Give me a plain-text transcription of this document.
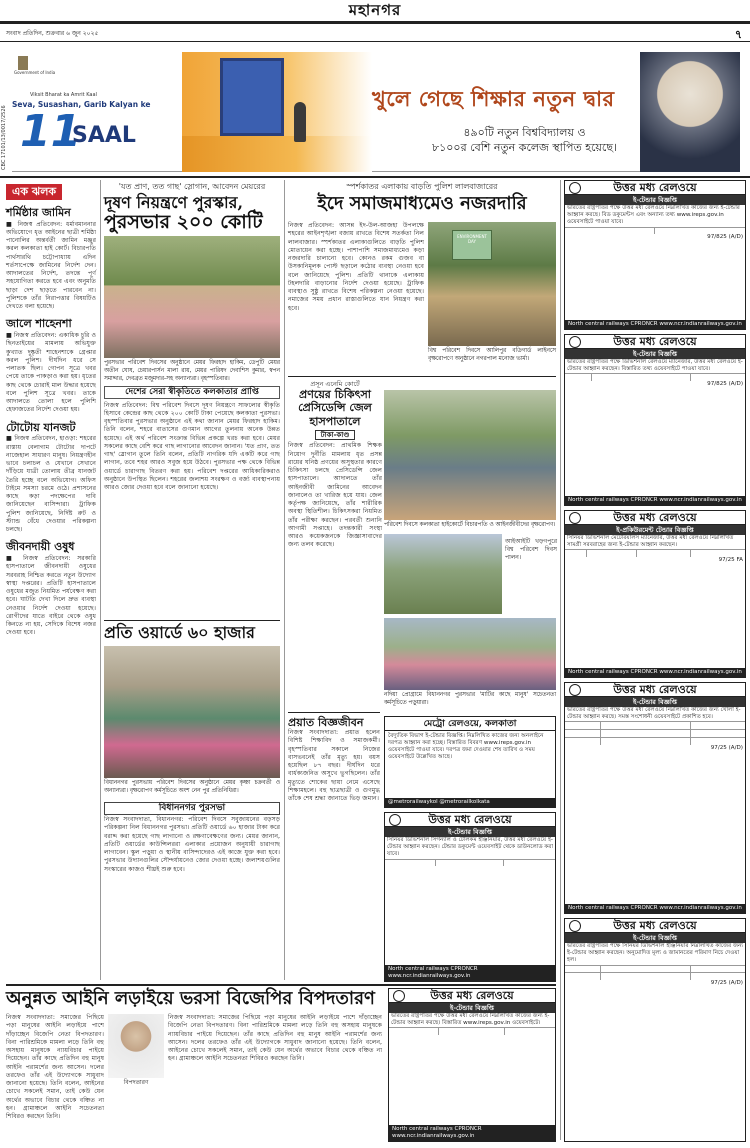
মহানগর
সংবাদ প্রতিদিন, শুক্রবার ৬ জুন ২০২৫	৭
CBC 17101/13/0017/2526
Government of India
Viksit Bharat ka Amrit Kaal
Seva, Susashan, Garib Kalyan ke
11
SAAL
খুলে গেছে শিক্ষার নতুন দ্বার
৪৯০টি নতুন বিশ্ববিদ্যালয় ও
৮১০০র বেশি নতুন কলেজ স্থাপিত হয়েছে।
এক ঝলক
শর্মিষ্ঠার জামিন
■ নিজস্ব প্রতিবেদন: ধর্মাবমাননার অভিযোগে ধৃত আইনের ছাত্রী শর্মিষ্ঠা পানোলির অন্তর্বর্তী জামিন মঞ্জুর করল কলকাতা হাই কোর্ট। বিচারপতি পার্থসারথি চট্টোপাধ্যায় এদিন শর্তসাপেক্ষে জামিনের নির্দেশ দেন। আদালতের নির্দেশ, তদন্তে পূর্ণ সহযোগিতা করতে হবে এবং অনুমতি ছাড়া দেশ ছাড়তে পারবেন না। পুলিশকে তাঁর নিরাপত্তার বিষয়টিও দেখতে বলা হয়েছে।
জালে শাহেনশা
■ নিজস্ব প্রতিবেদন: একাধিক চুরি ও ছিনতাইয়ের মামলায় অভিযুক্ত কুখ্যাত দুষ্কৃতী শাহেনশাকে গ্রেপ্তার করল পুলিশ। দীর্ঘদিন ধরে সে পলাতক ছিল। গোপন সূত্রে খবর পেয়ে তাকে পাকড়াও করা হয়। ধৃতের কাছ থেকে চোরাই মাল উদ্ধার হয়েছে বলে পুলিশ সূত্রে খবর। তাকে আদালতে তোলা হলে পুলিশি হেফাজতের নির্দেশ দেওয়া হয়।
টোটোয় যানজট
■ নিজস্ব প্রতিবেদন, হাওড়া: শহরের রাস্তায় বেলাগাম টোটোর দাপটে নাজেহাল সাধারণ মানুষ। নিয়ন্ত্রণহীন ভাবে চলাচল ও যেখানে সেখানে দাঁড়িয়ে যাত্রী তোলায় তীব্র যানজট তৈরি হচ্ছে বলে অভিযোগ। অফিস টাইমে সমস্যা চরমে ওঠে। প্রশাসনের কাছে কড়া পদক্ষেপের দাবি জানিয়েছেন বাসিন্দারা। ট্রাফিক পুলিশ জানিয়েছে, নির্দিষ্ট রুট ও স্ট্যান্ড বেঁধে দেওয়ার পরিকল্পনা চলছে।
জীবনদায়ী ওষুধ
■ নিজস্ব প্রতিবেদন: সরকারি হাসপাতালে জীবনদায়ী ওষুধের সরবরাহ নিশ্চিত করতে নতুন উদ্যোগ স্বাস্থ্য দপ্তরের। প্রতিটি হাসপাতালে ওষুধের মজুত নিয়মিত পর্যবেক্ষণ করা হবে। ঘাটতি দেখা দিলে দ্রুত ব্যবস্থা নেওয়ার নির্দেশ দেওয়া হয়েছে। রোগীদের যাতে বাইরে থেকে ওষুধ কিনতে না হয়, সেদিকে বিশেষ নজর দেওয়া হবে।
'যত প্রাণ, তত গাছ' স্লোগান, আবেদন মেয়রের
দূষণ নিয়ন্ত্রণে পুরস্কার,
পুরসভার ২০০ কোটি
পুরসভার পরিবেশ দিবসের অনুষ্ঠানে মেয়র ফিরহাদ হাকিম, ডেপুটি মেয়র অতীন ঘোষ, চেয়ারপার্সন মালা রায়, মেয়র পারিষদ দেবাশিস কুমার, স্বপন সমাদ্দার, দেবব্রত মজুমদার-সহ অন্যান্যরা। বৃহস্পতিবার।
দেশের সেরা স্বীকৃতিতে কলকাতার প্রাপ্তি
নিজস্ব প্রতিবেদন: বিশ্ব পরিবেশ দিবসে দূষণ নিয়ন্ত্রণে সাফল্যের স্বীকৃতি হিসাবে কেন্দ্রের কাছ থেকে ২০০ কোটি টাকা পেয়েছে কলকাতা পুরসভা। বৃহস্পতিবার পুরসভার অনুষ্ঠানে এই কথা জানান মেয়র ফিরহাদ হাকিম। তিনি বলেন, শহরে বাতাসের গুণমান আগের তুলনায় অনেক উন্নত হয়েছে। এই অর্থ পরিবেশ সংক্রান্ত বিভিন্ন প্রকল্পে খরচ করা হবে। মেয়র সকলের কাছে বেশি করে গাছ লাগানোর আবেদন জানান। 'যত প্রাণ, তত গাছ' স্লোগান তুলে তিনি বলেন, প্রতিটি নাগরিক যদি একটি করে গাছ লাগান, তবে শহর আরও সবুজ হয়ে উঠবে। পুরসভার পক্ষ থেকে বিভিন্ন ওয়ার্ডে চারাগাছ বিতরণ করা হয়। পরিবেশ দপ্তরের আধিকারিকরাও অনুষ্ঠানে উপস্থিত ছিলেন। শহরের জলাশয় সংরক্ষণ ও বর্জ্য ব্যবস্থাপনায় আরও জোর দেওয়া হবে বলে জানানো হয়েছে।
প্রতি ওয়ার্ডে ৬০ হাজার
বিধাননগর পুরসভায় পরিবেশ দিবসের অনুষ্ঠানে মেয়র কৃষ্ণা চক্রবর্তী ও অন্যান্যরা। বৃক্ষরোপণ কর্মসূচিতে অংশ নেন পুর প্রতিনিধিরা।
স্পর্শকাতর এলাকায় বাড়তি পুলিশ লালবাজারের
ইদে সমাজমাধ্যমেও নজরদারি
নিজস্ব প্রতিবেদন: আসন্ন ইদ-উল-আজহা উপলক্ষে শহরের আইনশৃঙ্খলা বজায় রাখতে বিশেষ সতর্কতা নিল লালবাজার। স্পর্শকাতর এলাকাগুলিতে বাড়তি পুলিশ মোতায়েন করা হচ্ছে। পাশাপাশি সমাজমাধ্যমেও কড়া নজরদারি চালানো হবে। কোনও রকম গুজব বা উসকানিমূলক পোস্ট ছড়ালে কঠোর ব্যবস্থা নেওয়া হবে বলে জানিয়েছে পুলিশ। প্রতিটি থানাকে এলাকায় টহলদারি বাড়ানোর নির্দেশ দেওয়া হয়েছে। ট্রাফিক ব্যবস্থাও সুষ্ঠু রাখতে বিশেষ পরিকল্পনা নেওয়া হয়েছে। নমাজের সময় প্রধান রাস্তাগুলিতে যান নিয়ন্ত্রণ করা হবে।
ENVIRONMENT DAY
বিশ্ব পরিবেশ দিবসে আলিপুর বডিগার্ড লাইনসে বৃক্ষরোপণে অনুষ্ঠানে নগরপাল মনোজ ভার্মা।
প্রসূন এনেমি কোর্টে
প্রণয়ের চিকিৎসা
প্রেসিডেন্সি জেল
হাসপাতালে
টাকা-কাণ্ড
নিজস্ব প্রতিবেদন: প্রাথমিক শিক্ষক নিয়োগ দুর্নীতি মামলায় ধৃত প্রসন্ন রায়ের ঘনিষ্ঠ প্রণয়ের অসুস্থতার কারণে চিকিৎসা চলছে প্রেসিডেন্সি জেল হাসপাতালে। আদালতে তাঁর আইনজীবী জামিনের আবেদন জানালেও তা খারিজ হয়ে যায়। জেল কর্তৃপক্ষ জানিয়েছে, তাঁর শারীরিক অবস্থা স্থিতিশীল। চিকিৎসকরা নিয়মিত তাঁর পরীক্ষা করছেন। পরবর্তী শুনানি আগামী সপ্তাহে। তদন্তকারী সংস্থা আরও কয়েকজনকে জিজ্ঞাসাবাদের জন্য তলব করেছে।
পরিবেশ দিবসে কলকাতা হাইকোর্টে বিচারপতি ও আইনজীবীদের বৃক্ষরোপণ।
আইআইটি খড়গপুরে বিশ্ব পরিবেশ দিবস পালন।
নদিয়া প্রোগ্রামে বিধাননগর পুরসভার 'মাটির কাছে মানুষ' সচেতনতা কর্মসূচিতে পড়ুয়ারা।
প্রয়াত বিজ্ঞজীবন
নিজস্ব সংবাদদাতা: প্রয়াত হলেন বিশিষ্ট শিক্ষাবিদ ও সমাজকর্মী। বৃহস্পতিবার সকালে নিজের বাসভবনেই তাঁর মৃত্যু হয়। বয়স হয়েছিল ৮৭ বছর। দীর্ঘদিন ধরে বার্ধক্যজনিত অসুখে ভুগছিলেন। তাঁর মৃত্যুতে শোকের ছায়া নেমে এসেছে শিক্ষামহলে। বহু ছাত্রছাত্রী ও গুণমুগ্ধ তাঁকে শেষ শ্রদ্ধা জানাতে ভিড় জমান।
বিধাননগর পুরসভা
নিজস্ব সংবাদদাতা, বিধাননগর: পরিবেশ দিবসে সবুজায়নের বড়সড় পরিকল্পনা নিল বিধাননগর পুরসভা। প্রতিটি ওয়ার্ডে ৬০ হাজার টাকা করে বরাদ্দ করা হয়েছে গাছ লাগানো ও রক্ষণাবেক্ষণের জন্য। মেয়র জানান, প্রতিটি ওয়ার্ডের কাউন্সিলররা এলাকার প্রয়োজন অনুযায়ী চারাগাছ লাগাবেন। স্কুল পড়ুয়া ও স্থানীয় বাসিন্দাদেরও এই কাজে যুক্ত করা হবে। পুরসভার উদ্যানগুলির সৌন্দর্যায়নেও জোর দেওয়া হচ্ছে। জলাশয়গুলির সংস্কারের কাজও শীঘ্রই শুরু হবে।
মেট্রো রেলওয়ে, কলকাতা
বৈদ্যুতিক বিভাগ ই-টেন্ডার বিজ্ঞপ্তি। নিম্নলিখিত কাজের জন্য অনলাইনে দরপত্র আহ্বান করা হচ্ছে। বিস্তারিত বিবরণ www.ireps.gov.in ওয়েবসাইটে পাওয়া যাবে। দরপত্র জমা দেওয়ার শেষ তারিখ ও সময় ওয়েবসাইটে উল্লেখিত আছে।
@metrorailwaykol @metrorailkolkata
উত্তর মধ্য রেলওয়ে
ই-টেন্ডার বিজ্ঞপ্তি
সিনিয়র ডিভিশনাল সিগন্যাল ও টেলিকম ইঞ্জিনিয়ার, উত্তর মধ্য রেলওয়ে ই-টেন্ডার আহ্বান করছেন। টেন্ডার ডকুমেন্ট ওয়েবসাইট থেকে ডাউনলোড করা যাবে।

North central railways CPRONCR www.ncr.indianrailways.gov.in
অনুন্নত আইনি লড়াইয়ে ভরসা বিজেপির বিপদতারণ
নিজস্ব সংবাদদাতা: সমাজের পিছিয়ে পড়া মানুষের আইনি লড়াইয়ে পাশে দাঁড়াচ্ছেন বিজেপি নেতা বিপদতারণ। বিনা পারিশ্রমিকে মামলা লড়ে তিনি বহু অসহায় মানুষকে ন্যায়বিচার পাইয়ে দিয়েছেন। তাঁর কাছে প্রতিদিন বহু মানুষ আইনি পরামর্শের জন্য আসেন। দলের তরফেও তাঁর এই উদ্যোগকে সাধুবাদ জানানো হয়েছে। তিনি বলেন, আইনের চোখে সকলেই সমান, তাই কেউ যেন অর্থের অভাবে বিচার থেকে বঞ্চিত না হন। গ্রামাঞ্চলে আইনি সচেতনতা শিবিরও করছেন তিনি।
বিপদতারণ
নিজস্ব সংবাদদাতা: সমাজের পিছিয়ে পড়া মানুষের আইনি লড়াইয়ে পাশে দাঁড়াচ্ছেন বিজেপি নেতা বিপদতারণ। বিনা পারিশ্রমিকে মামলা লড়ে তিনি বহু অসহায় মানুষকে ন্যায়বিচার পাইয়ে দিয়েছেন। তাঁর কাছে প্রতিদিন বহু মানুষ আইনি পরামর্শের জন্য আসেন। দলের তরফেও তাঁর এই উদ্যোগকে সাধুবাদ জানানো হয়েছে। তিনি বলেন, আইনের চোখে সকলেই সমান, তাই কেউ যেন অর্থের অভাবে বিচার থেকে বঞ্চিত না হন। গ্রামাঞ্চলে আইনি সচেতনতা শিবিরও করছেন তিনি।
উত্তর মধ্য রেলওয়ে
ই-টেন্ডার বিজ্ঞপ্তি
ভারতের রাষ্ট্রপতির পক্ষে উত্তর মধ্য রেলওয়ে নিম্নলিখিত কাজের জন্য ই-টেন্ডার আহ্বান করছে। বিস্তারিত www.ireps.gov.in ওয়েবসাইটে।

North central railways CPRONCR www.ncr.indianrailways.gov.in
উত্তর মধ্য রেলওয়ে
ই-টেন্ডার বিজ্ঞপ্তি
ভারতের রাষ্ট্রপতির পক্ষে উত্তর মধ্য রেলওয়ে নিম্নলিখিত কাজের জন্য ই-টেন্ডার আহ্বান করছে। বিড ডকুমেন্টস এবং অন্যান্য তথ্য www.ireps.gov.in ওয়েবসাইটে পাওয়া যাবে।

97/825 (A/D)
North central railways CPRONCR www.ncr.indianrailways.gov.in
উত্তর মধ্য রেলওয়ে
ই-টেন্ডার বিজ্ঞপ্তি
ভারতের রাষ্ট্রপতির পক্ষে ডিভিশনাল রেলওয়ে ম্যানেজার, উত্তর মধ্য রেলওয়ে ই-টেন্ডার আহ্বান করছেন। বিস্তারিত তথ্য ওয়েবসাইটে পাওয়া যাবে।

97/825 (A/D)
North central railways CPRONCR www.ncr.indianrailways.gov.in
উত্তর মধ্য রেলওয়ে
ই-প্রকিউরমেন্ট টেন্ডার বিজ্ঞপ্তি
সিনিয়র ডিভিশনাল মেটেরিয়ালস ম্যানেজার, উত্তর মধ্য রেলওয়ে নিম্নলিখিত সামগ্রী সরবরাহের জন্য ই-টেন্ডার আহ্বান করছেন।

97/25 FA
North central railways CPRONCR www.ncr.indianrailways.gov.in
উত্তর মধ্য রেলওয়ে
ই-টেন্ডার বিজ্ঞপ্তি
ভারতের রাষ্ট্রপতির পক্ষে উত্তর মধ্য রেলওয়ে নিম্নলিখিত কাজের জন্য খোলা ই-টেন্ডার আহ্বান করছে। সমস্ত সংশোধনী ওয়েবসাইটে প্রকাশিত হবে।

97/25 (A/D)
North central railways CPRONCR www.ncr.indianrailways.gov.in
উত্তর মধ্য রেলওয়ে
ই-টেন্ডার বিজ্ঞপ্তি
ভারতের রাষ্ট্রপতির পক্ষে সিনিয়র ডিভিশনাল ইঞ্জিনিয়ার নিম্নলিখিত কাজের জন্য ই-টেন্ডার আহ্বান করছেন। অনুমোদিত মূল্য ও জামানতের পরিমাণ নিচে দেওয়া হল।

97/25 (A/D)
